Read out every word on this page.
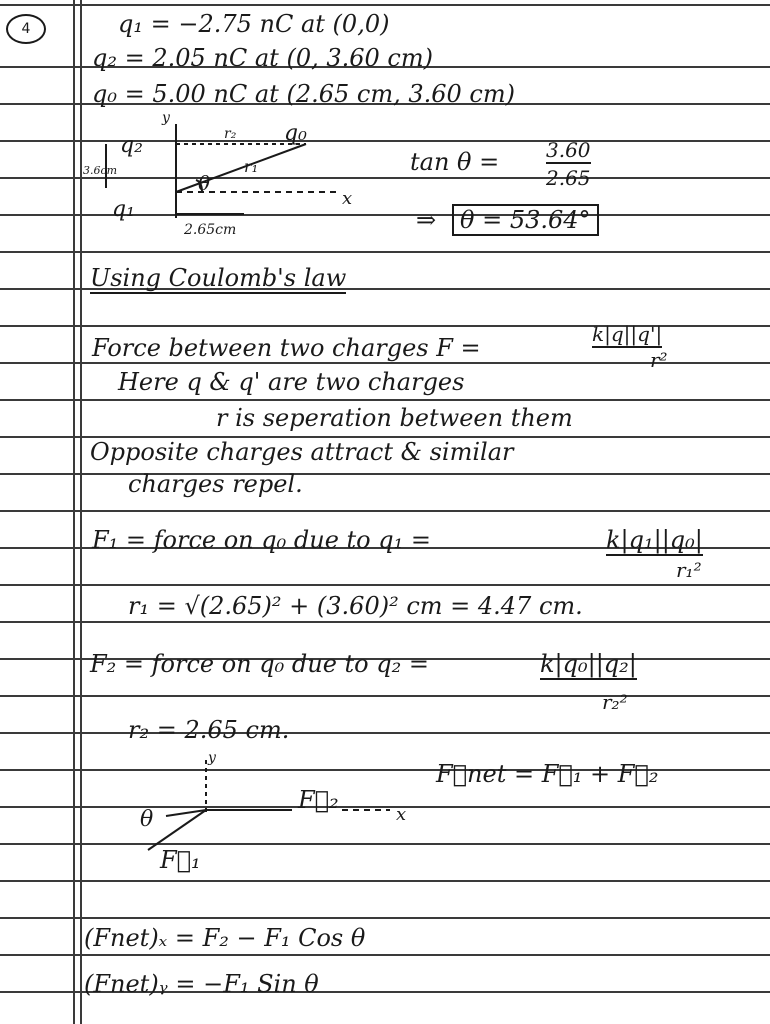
4	q₁ = −2.75 nC at (0,0)
q₂ = 2.05 nC at (0, 3.60 cm)
q₀ = 5.00 nC at (2.65 cm, 3.60 cm)
y
x
q₂	q₀
q₁
r₁
r₂
θ
3.6cm
2.65cm
tan θ = 3.60
2.65
⇒ θ = 53.64°
Using Coulomb's law
Force between two charges F =	k|q||q'|
r²
Here q & q' are two charges
r is seperation between them
Opposite charges attract & similar
charges repel.
F₁ = force on q₀ due to q₁ =	k|q₁||q₀|
r₁²
r₁ = √(2.65)² + (3.60)² cm = 4.47 cm.
F₂ = force on q₀ due to q₂ =	k|q₀||q₂|
r₂²
r₂ = 2.65 cm.
F⃗net = F⃗₁ + F⃗₂
y
F⃗₂
x
F⃗₁
θ
(Fnet)ₓ = F₂ − F₁ Cos θ
(Fnet)ᵧ = −F₁ Sin θ
